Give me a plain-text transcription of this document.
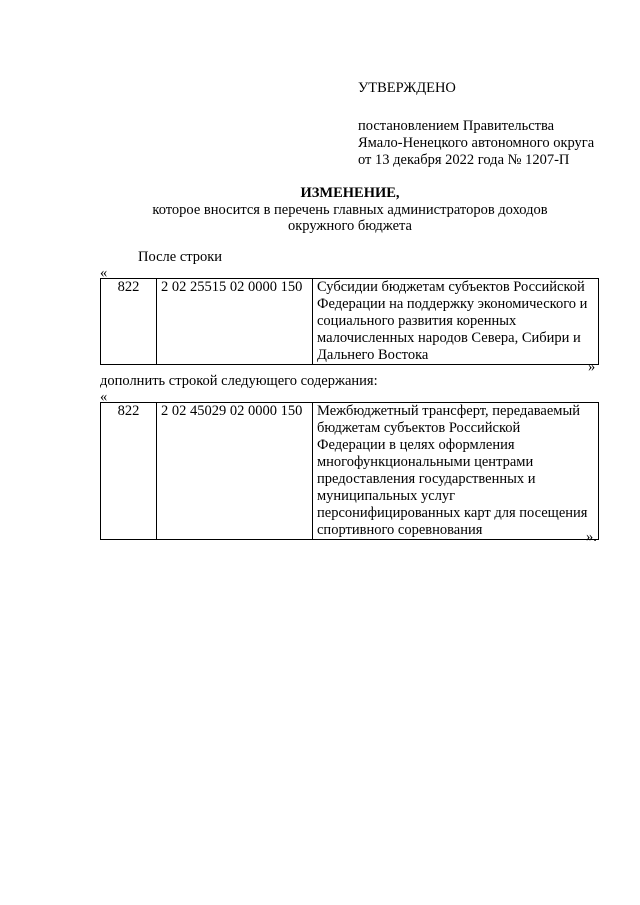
УТВЕРЖДЕНО
постановлением Правительства
Ямало-Ненецкого автономного округа
от 13 декабря 2022 года № 1207-П
ИЗМЕНЕНИЕ,
которое вносится в перечень главных администраторов доходов
окружного бюджета
После строки
«
822	2 02 25515 02 0000 150	Субсидии бюджетам субъектов Российской
Федерации на поддержку экономического и
социального развития коренных
малочисленных народов Севера, Сибири и
Дальнего Востока
»
дополнить строкой следующего содержания:
«
822	2 02 45029 02 0000 150	Межбюджетный трансферт, передаваемый
бюджетам субъектов Российской
Федерации в целях оформления
многофункциональными центрами
предоставления государственных и
муниципальных услуг
персонифицированных карт для посещения
спортивного соревнования	».
